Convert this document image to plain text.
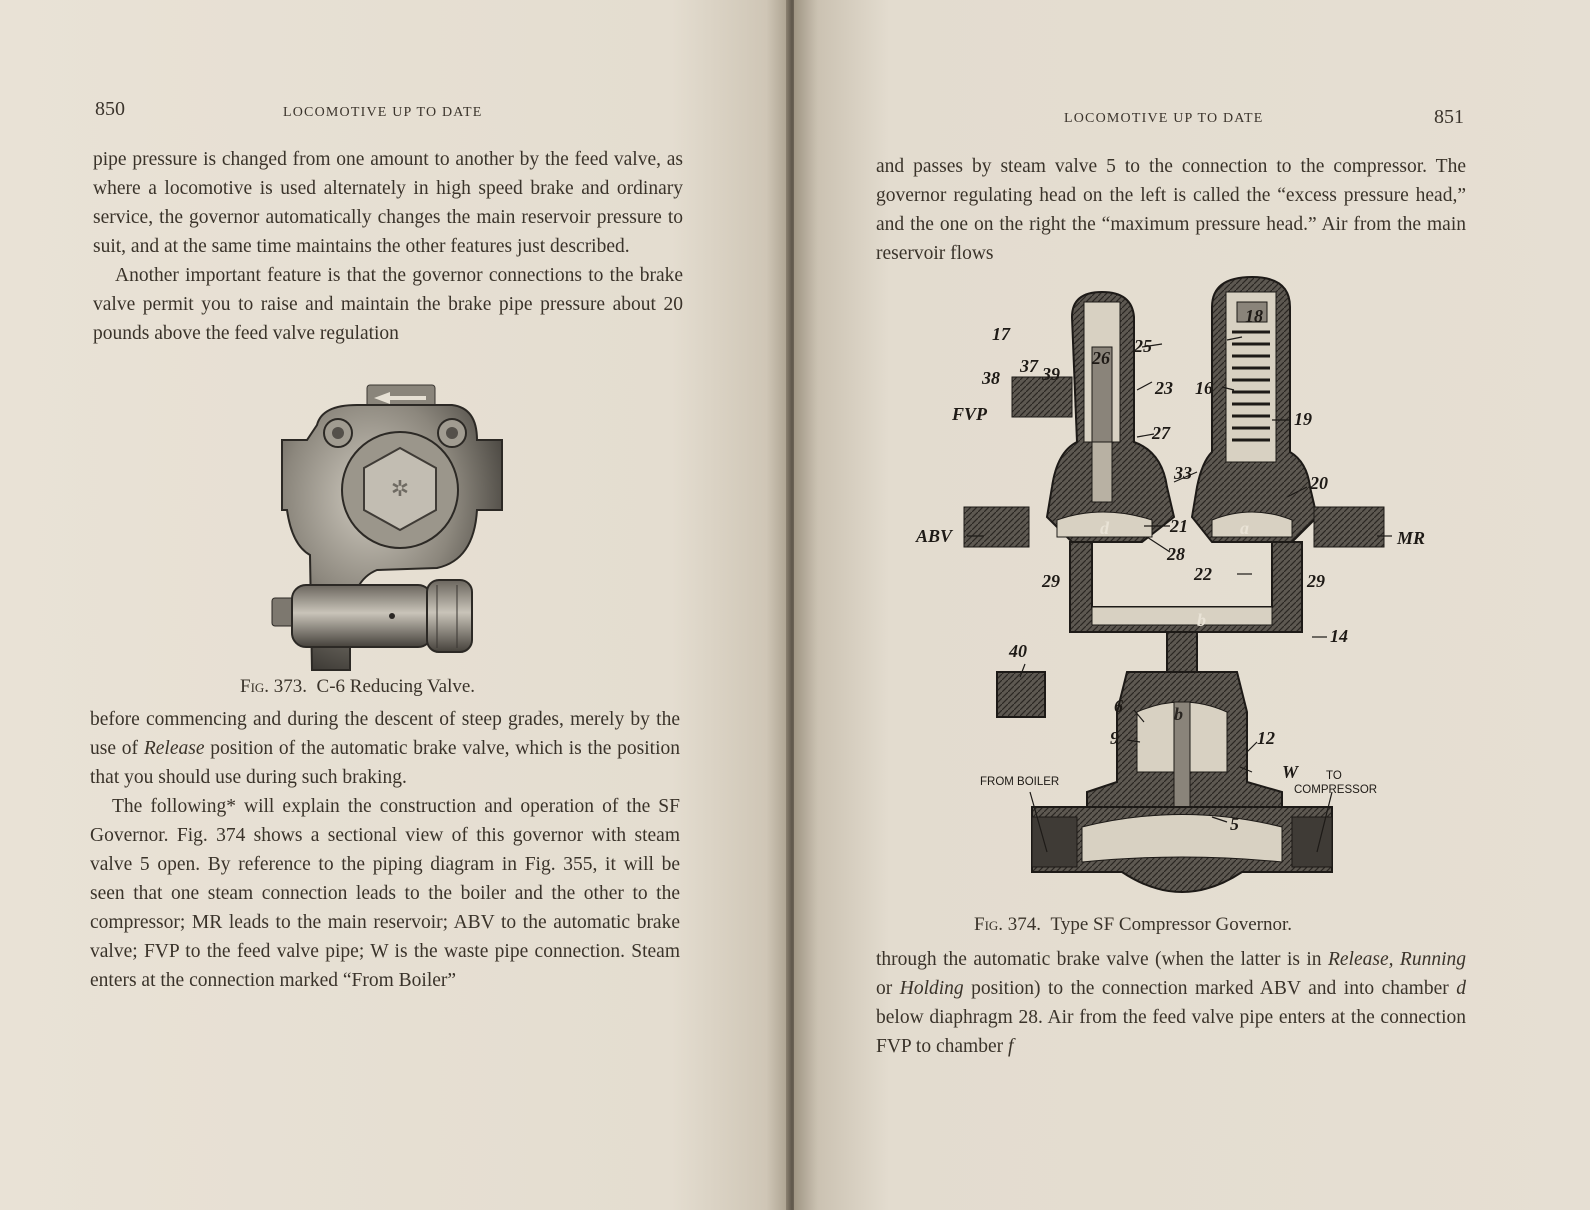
850	LOCOMOTIVE UP TO DATE

pipe pressure is changed from one amount to another by the feed valve, as where a locomotive is used alternately in high speed brake and ordinary service, the governor automatically changes the main reservoir pressure to suit, and at the same time maintains the other features just described.

Another important feature is that the governor connections to the brake valve permit you to raise and maintain the brake pipe pressure about 20 pounds above the feed valve regulation

✲
Fig. 373. C-6 Reducing Valve.

before commencing and during the descent of steep grades, merely by the use of Release position of the automatic brake valve, which is the position that you should use during such braking.

The following* will explain the construction and operation of the SF Governor. Fig. 374 shows a sectional view of this governor with steam valve 5 open. By reference to the piping diagram in Fig. 355, it will be seen that one steam connection leads to the boiler and the other to the compressor; MR leads to the main reservoir; ABV to the automatic brake valve; FVP to the feed valve pipe; W is the waste pipe connection. Steam enters at the connection marked “From Boiler”

LOCOMOTIVE UP TO DATE	851

and passes by steam valve 5 to the connection to the compressor. The governor regulating head on the left is called the “excess pressure head,” and the one on the right the “maximum pressure head.” Air from the main reservoir flows

17
18
25
26
37
38 39
23 16
FVP	19
27
33	20
ABV	21
MR
d	a
28
22
29	29
b
14
40
6	b
9	12
W
FROM BOILER	TO
COMPRESSOR
5
Fig. 374. Type SF Compressor Governor.

through the automatic brake valve (when the latter is in Release, Running or Holding position) to the connection marked ABV and into chamber d below diaphragm 28. Air from the feed valve pipe enters at the connection FVP to chamber f
